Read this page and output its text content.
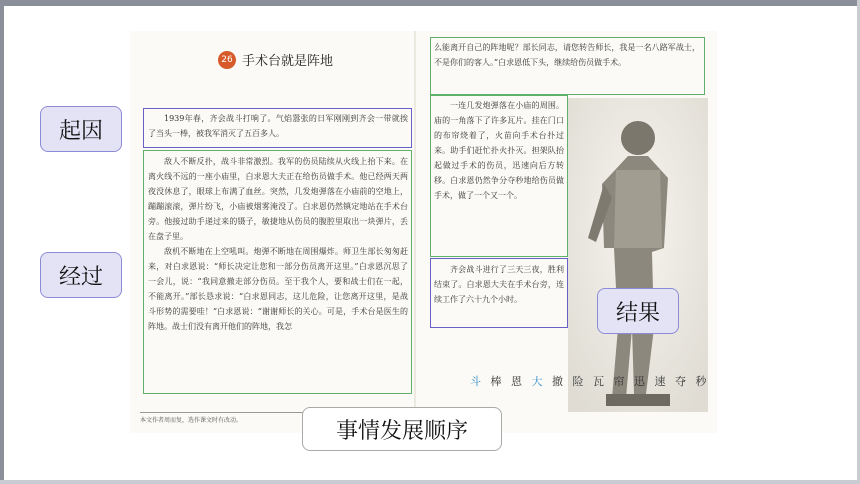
26 手术台就是阵地

1939年春，齐会战斗打响了。气焰嚣张的日军刚刚到齐会一带就挨了当头一棒，被我军消灭了五百多人。

敌人不断反扑，战斗非常激烈。我军的伤员陆续从火线上抬下来。在离火线不远的一座小庙里，白求恩大夫正在给伤员做手术。他已经两天两夜没休息了，眼球上布满了血丝。突然，几发炮弹落在小庙前的空地上，蹦蹦滚滚，弹片纷飞，小庙被烟雾淹没了。白求恩仍然镇定地站在手术台旁。他接过助手递过来的镊子，敏捷地从伤员的腹腔里取出一块弹片，丢在盘子里。

敌机不断地在上空吼叫。炮弹不断地在周围爆炸。师卫生部长匆匆赶来，对白求恩说：“师长决定让您和一部分伤员离开这里。”白求恩沉思了一会儿，说：“我同意撤走部分伤员。至于我个人，要和战士们在一起，不能离开。”部长恳求说：“白求恩同志，这儿危险，让您离开这里，是战斗形势的需要哇！”白求恩说：“谢谢师长的关心。可是，手术台是医生的阵地。战士们没有离开他们的阵地，我怎

么能离开自己的阵地呢？部长同志，请您转告师长，我是一名八路军战士，不是你们的客人。”白求恩低下头，继续给伤员做手术。

一连几发炮弹落在小庙的周围。庙的一角落下了许多瓦片。挂在门口的布帘烧着了，火苗向手术台扑过来。助手们赶忙扑火扑灭。担架队抬起做过手术的伤员，迅速向后方转移。白求恩仍然争分夺秒地给伤员做手术，做了一个又一个。

齐会战斗进行了三天三夜，胜利结束了。白求恩大夫在手术台旁，连续工作了六十九个小时。

斗 棒 恩 大 撤 险 瓦 帘 迅 速 夺 秒
本文作者周而复，选作课文时有改动。
起因
经过
结果
事情发展顺序
